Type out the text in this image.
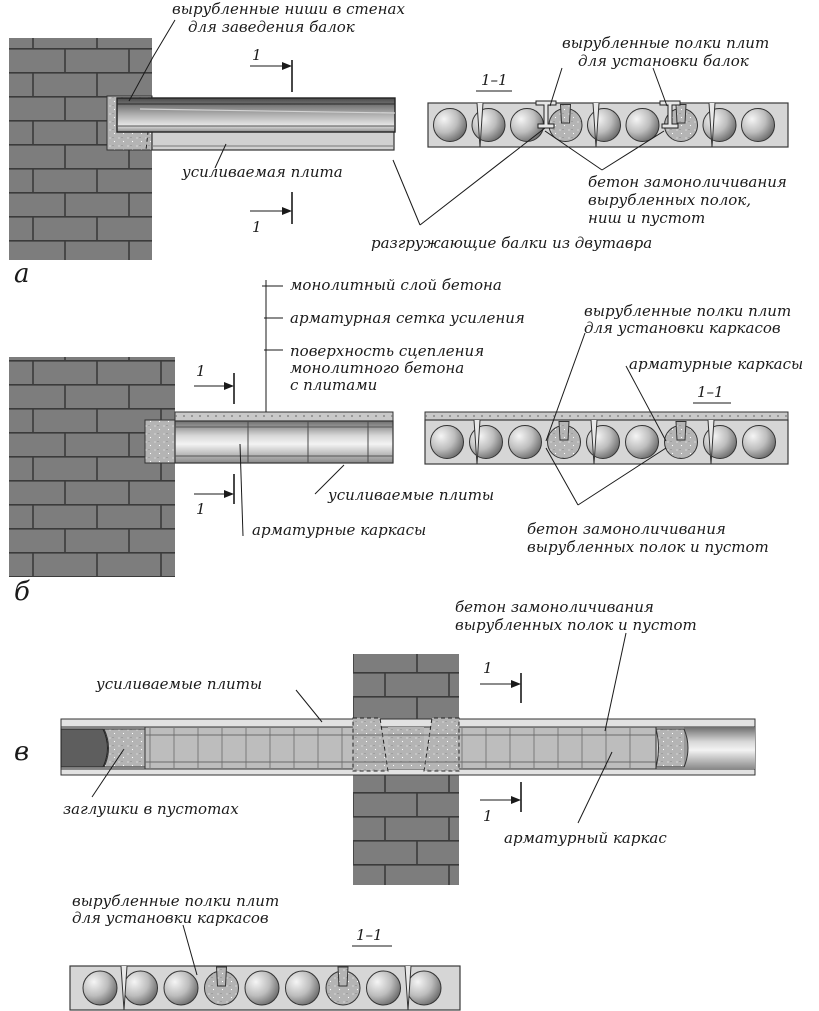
1
1
1–1
вырубленные ниши в стенах
для заведения балок
усиливаемая плита
вырубленные полки плит
для установки балок
бетон замоноличивания
вырубленных полок,
ниш и пустот
разгружающие балки из двутавра
а
1
1
1–1
монолитный слой бетона
арматурная сетка усиления
поверхность сцепления
монолитного бетона
с плитами
вырубленные полки плит
для установки каркасов
арматурные каркасы
усиливаемые плиты
арматурные каркасы	бетон замоноличивания
вырубленных полок и пустот
б
1
1
бетон замоноличивания
вырубленных полок и пустот
усиливаемые плиты
заглушки в пустотах
арматурный каркас
в
1–1
вырубленные полки плит
для установки каркасов
